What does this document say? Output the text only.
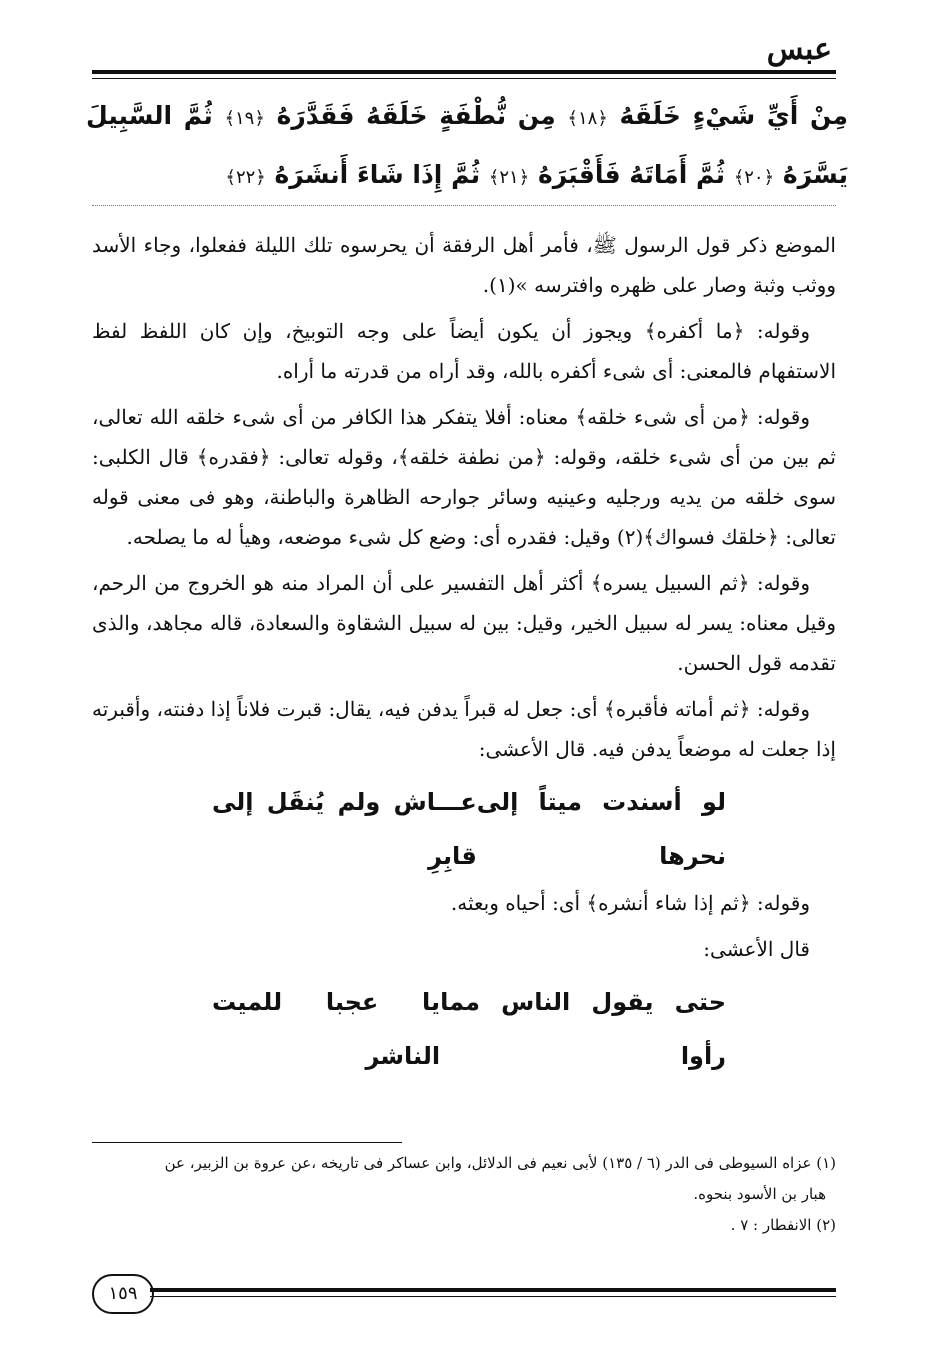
عبس
مِنْ أَيِّ شَيْءٍ خَلَقَهُ ﴿١٨﴾ مِن نُّطْفَةٍ خَلَقَهُ فَقَدَّرَهُ ﴿١٩﴾ ثُمَّ السَّبِيلَ يَسَّرَهُ ﴿٢٠﴾ ثُمَّ أَمَاتَهُ فَأَقْبَرَهُ ﴿٢١﴾ ثُمَّ إِذَا شَاءَ أَنشَرَهُ ﴿٢٢﴾

الموضع ذكر قول الرسول ﷺ، فأمر أهل الرفقة أن يحرسوه تلك الليلة ففعلوا، وجاء الأسد ووثب وثبة وصار على ظهره وافترسه »(١).

وقوله: ﴿ما أكفره﴾ ويجوز أن يكون أيضاً على وجه التوبيخ، وإن كان اللفظ لفظ الاستفهام فالمعنى: أى شىء أكفره بالله، وقد أراه من قدرته ما أراه.

وقوله: ﴿من أى شىء خلقه﴾ معناه: أفلا يتفكر هذا الكافر من أى شىء خلقه الله تعالى، ثم بين من أى شىء خلقه، وقوله: ﴿من نطفة خلقه﴾، وقوله تعالى: ﴿فقدره﴾ قال الكلبى: سوى خلقه من يديه ورجليه وعينيه وسائر جوارحه الظاهرة والباطنة، وهو فى معنى قوله تعالى: ﴿خلقك فسواك﴾(٢) وقيل: فقدره أى: وضع كل شىء موضعه، وهيأ له ما يصلحه.

وقوله: ﴿ثم السبيل يسره﴾ أكثر أهل التفسير على أن المراد منه هو الخروج من الرحم، وقيل معناه: يسر له سبيل الخير، وقيل: بين له سبيل الشقاوة والسعادة، قاله مجاهد، والذى تقدمه قول الحسن.

وقوله: ﴿ثم أماته فأقبره﴾ أى: جعل له قبراً يدفن فيه، يقال: قبرت فلاناً إذا دفنته، وأقبرته إذا جعلت له موضعاً يدفن فيه. قال الأعشى:

لو أسندت ميتاً إلى نحرها
عـــاش ولم يُنقَل إلى قابِرِ

وقوله: ﴿ثم إذا شاء أنشره﴾ أى: أحياه وبعثه.

قال الأعشى:

حتى يقول الناس مما رأوا
يا عجبا للميت الناشر

(١) عزاه السيوطى فى الدر (٦ / ١٣٥) لأبى نعيم فى الدلائل، وابن عساكر فى تاريخه ،عن عروة بن الزبير، عن

هبار بن الأسود بنحوه.

(٢) الانفطار : ٧ .

١٥٩
